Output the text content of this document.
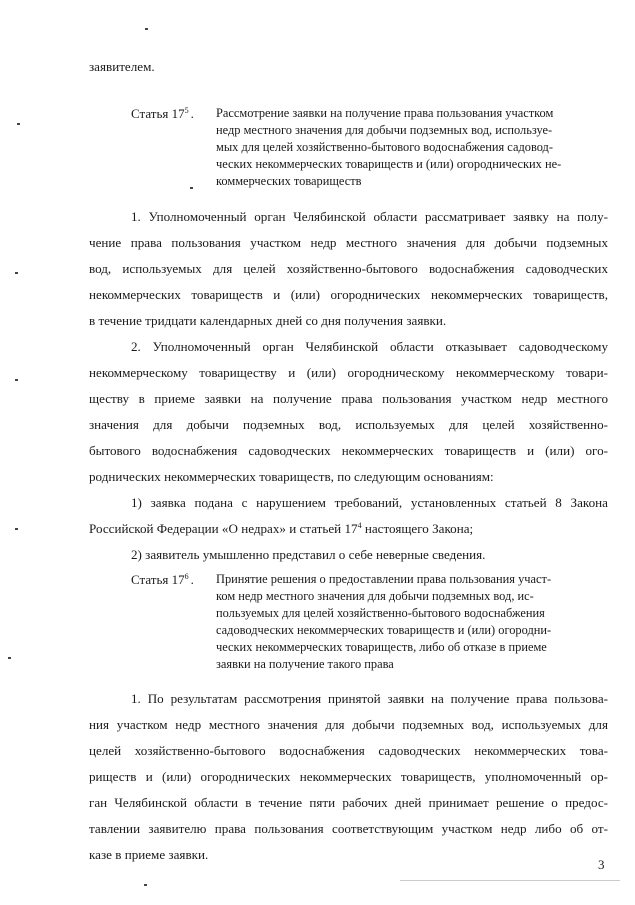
заявителем.
Статья $17^5$ . Рассмотрение заявки на получение права пользования участком
недр местного значения для добычи подземных вод, используе-
мых для целей хозяйственно-бытового водоснабжения садовод-
ческих некоммерческих товариществ и (или) огороднических не-
коммерческих товариществ
1. Уполномоченный орган Челябинской области рассматривает заявку на полу-
чение права пользования участком недр местного значения для добычи подземных
вод, используемых для целей хозяйственно-бытового водоснабжения садоводческих
некоммерческих товариществ и (или) огороднических некоммерческих товариществ,
в течение тридцати календарных дней со дня получения заявки.
2. Уполномоченный орган Челябинской области отказывает садоводческому
некоммерческому товариществу и (или) огородническому некоммерческому товари-
ществу в приеме заявки на получение права пользования участком недр местного
значения для добычи подземных вод, используемых для целей хозяйственно-
бытового водоснабжения садоводческих некоммерческих товариществ и (или) ого-
роднических некоммерческих товариществ, по следующим основаниям:
1) заявка подана с нарушением требований, установленных статьей 8 Закона
Российской Федерации «О недрах» и статьей $17^4$ настоящего Закона;
2) заявитель умышленно представил о себе неверные сведения.
Статья $17^6$ . Принятие решения о предоставлении права пользования участ-
ком недр местного значения для добычи подземных вод, ис-
пользуемых для целей хозяйственно-бытового водоснабжения
садоводческих некоммерческих товариществ и (или) огородни-
ческих некоммерческих товариществ, либо об отказе в приеме
заявки на получение такого права
1. По результатам рассмотрения принятой заявки на получение права пользова-
ния участком недр местного значения для добычи подземных вод, используемых для
целей хозяйственно-бытового водоснабжения садоводческих некоммерческих това-
риществ и (или) огороднических некоммерческих товариществ, уполномоченный ор-
ган Челябинской области в течение пяти рабочих дней принимает решение о предос-
тавлении заявителю права пользования соответствующим участком недр либо об от-
казе в приеме заявки.
3
